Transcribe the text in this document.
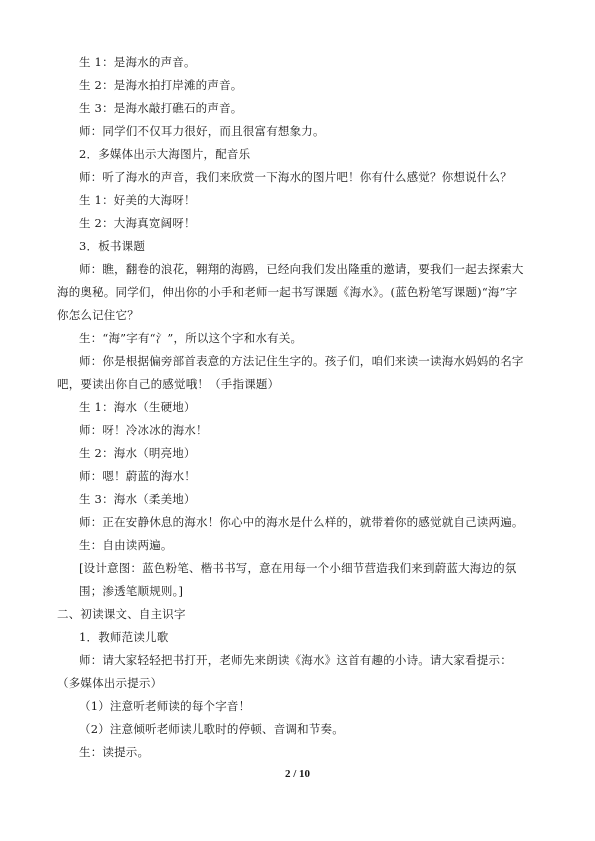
生 1：是海水的声音。
生 2：是海水拍打岸滩的声音。
生 3：是海水敲打礁石的声音。
师：同学们不仅耳力很好，而且很富有想象力。
2．多媒体出示大海图片，配音乐
师：听了海水的声音，我们来欣赏一下海水的图片吧！你有什么感觉？你想说什么？
生 1：好美的大海呀！
生 2：大海真宽阔呀！
3．板书课题
师：瞧，翻卷的浪花，翱翔的海鸥，已经向我们发出隆重的邀请，要我们一起去探索大
海的奥秘。同学们，伸出你的小手和老师一起书写课题《海水》。(蓝色粉笔写课题)“海”字
你怎么记住它？
生：“海”字有“氵”，所以这个字和水有关。
师：你是根据偏旁部首表意的方法记住生字的。孩子们，咱们来读一读海水妈妈的名字
吧，要读出你自己的感觉哦！（手指课题）
生 1：海水（生硬地）
师：呀！冷冰冰的海水！
生 2：海水（明亮地）
师：嗯！蔚蓝的海水！
生 3：海水（柔美地）
师：正在安静休息的海水！你心中的海水是什么样的，就带着你的感觉就自己读两遍。
生：自由读两遍。
[设计意图：蓝色粉笔、楷书书写，意在用每一个小细节营造我们来到蔚蓝大海边的氛
围；渗透笔顺规则。]
二、初读课文、自主识字
1．教师范读儿歌
师：请大家轻轻把书打开，老师先来朗读《海水》这首有趣的小诗。请大家看提示：
（多媒体出示提示）
（1）注意听老师读的每个字音！
（2）注意倾听老师读儿歌时的停顿、音调和节奏。
生：读提示。
2 / 10
